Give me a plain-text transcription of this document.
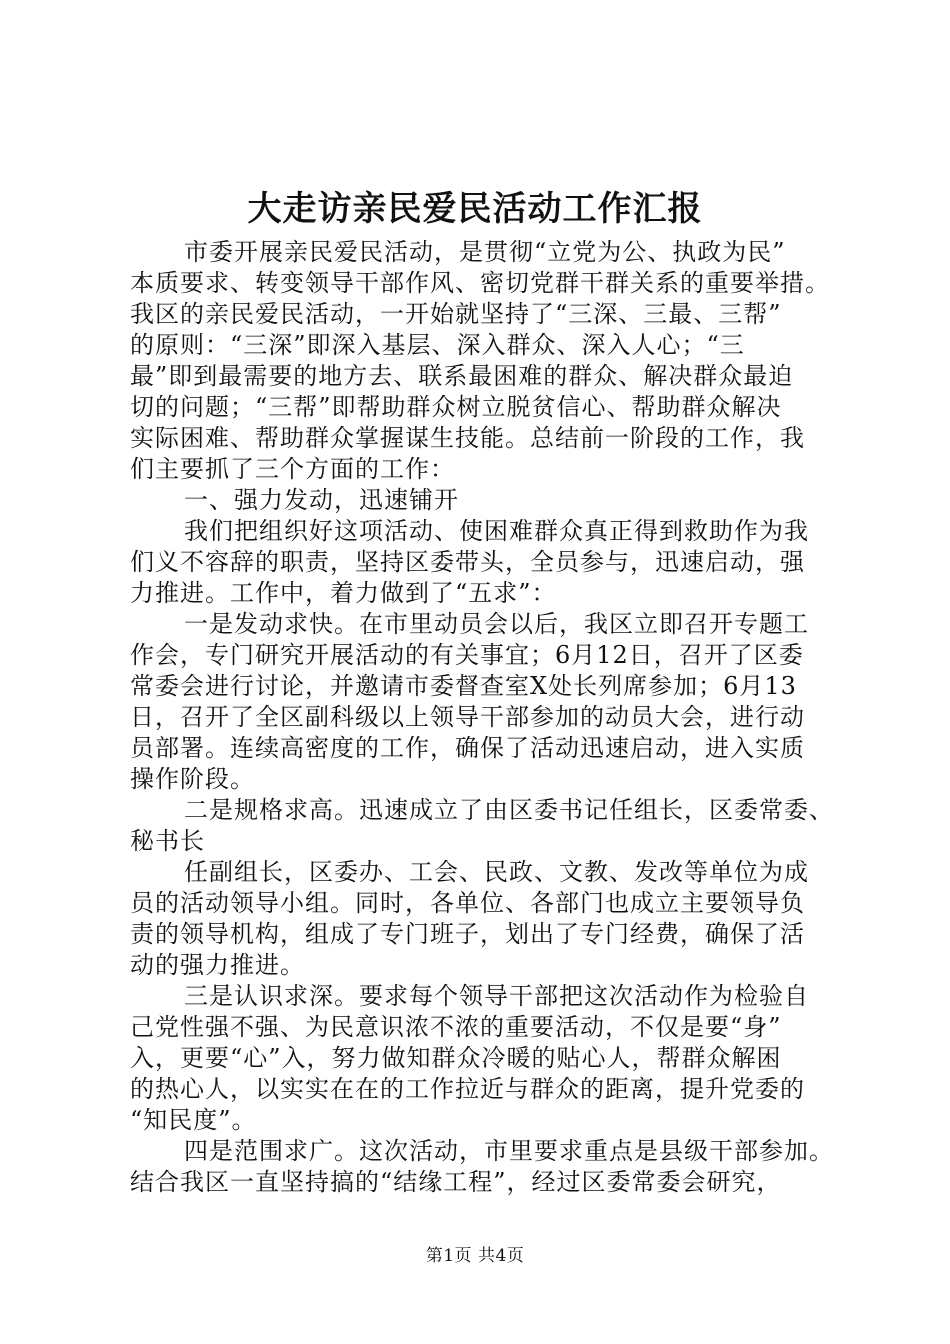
大走访亲民爱民活动工作汇报
市委开展亲民爱民活动，是贯彻“立党为公、执政为民”
本质要求、转变领导干部作风、密切党群干群关系的重要举措。
我区的亲民爱民活动，一开始就坚持了“三深、三最、三帮”
的原则：“三深”即深入基层、深入群众、深入人心；“三
最”即到最需要的地方去、联系最困难的群众、解决群众最迫
切的问题；“三帮”即帮助群众树立脱贫信心、帮助群众解决
实际困难、帮助群众掌握谋生技能。总结前一阶段的工作，我
们主要抓了三个方面的工作：
一、强力发动，迅速铺开
我们把组织好这项活动、使困难群众真正得到救助作为我
们义不容辞的职责，坚持区委带头，全员参与，迅速启动，强
力推进。工作中，着力做到了“五求”：
一是发动求快。在市里动员会以后，我区立即召开专题工
作会，专门研究开展活动的有关事宜；6月12日，召开了区委
常委会进行讨论，并邀请市委督查室X处长列席参加；6月13
日，召开了全区副科级以上领导干部参加的动员大会，进行动
员部署。连续高密度的工作，确保了活动迅速启动，进入实质
操作阶段。
二是规格求高。迅速成立了由区委书记任组长，区委常委、
秘书长
任副组长，区委办、工会、民政、文教、发改等单位为成
员的活动领导小组。同时，各单位、各部门也成立主要领导负
责的领导机构，组成了专门班子，划出了专门经费，确保了活
动的强力推进。
三是认识求深。要求每个领导干部把这次活动作为检验自
己党性强不强、为民意识浓不浓的重要活动，不仅是要“身”
入，更要“心”入，努力做知群众冷暖的贴心人，帮群众解困
的热心人，以实实在在的工作拉近与群众的距离，提升党委的
“知民度”。
四是范围求广。这次活动，市里要求重点是县级干部参加。
结合我区一直坚持搞的“结缘工程”，经过区委常委会研究，
第1页 共4页
